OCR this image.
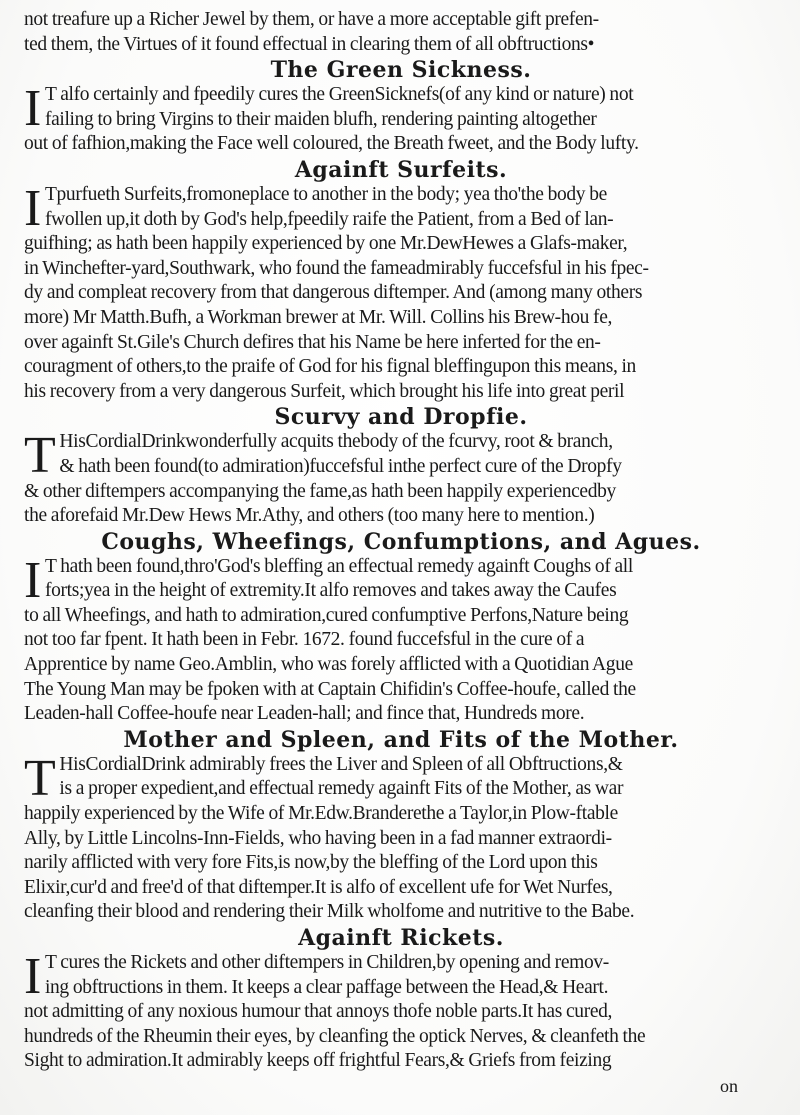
not treafure up a Richer Jewel by them, or have a more acceptable gift prefen-
ted them, the Virtues of it found effectual in clearing them of all obftructions•

The Green Sickness.

I T alfo certainly and fpeedily cures the GreenSicknefs(of any kind or nature) not
failing to bring Virgins to their maiden blufh, rendering painting altogether
out of fafhion,making the Face well coloured, the Breath fweet, and the Body lufty.

Againft Surfeits.

I Tpurfueth Surfeits,fromoneplace to another in the body; yea tho'the body be
fwollen up,it doth by God's help,fpeedily raife the Patient, from a Bed of lan-
guifhing; as hath been happily experienced by one Mr.DewHewes a Glafs-maker,
in Winchefter-yard,Southwark, who found the fameadmirably fuccefsful in his fpec-
dy and compleat recovery from that dangerous diftemper. And (among many others
more) Mr Matth.Bufh, a Workman brewer at Mr. Will. Collins his Brew-hou fe,
over againft St.Gile's Church defires that his Name be here inferted for the en-
couragment of others,to the praife of God for his fignal bleffingupon this means, in
his recovery from a very dangerous Surfeit, which brought his life into great peril

Scurvy and Dropfie.

T HisCordialDrinkwonderfully acquits thebody of the fcurvy, root & branch,
& hath been found(to admiration)fuccefsful inthe perfect cure of the Dropfy
& other diftempers accompanying the fame,as hath been happily experiencedby
the aforefaid Mr.Dew Hews Mr.Athy, and others (too many here to mention.)

Coughs, Wheefings, Confumptions, and Agues.

I T hath been found,thro'God's bleffing an effectual remedy againft Coughs of all
forts;yea in the height of extremity.It alfo removes and takes away the Caufes
to all Wheefings, and hath to admiration,cured confumptive Perfons,Nature being
not too far fpent. It hath been in Febr. 1672. found fuccefsful in the cure of a
Apprentice by name Geo.Amblin, who was forely afflicted with a Quotidian Ague
The Young Man may be fpoken with at Captain Chifidin's Coffee-houfe, called the
Leaden-hall Coffee-houfe near Leaden-hall; and fince that, Hundreds more.

Mother and Spleen, and Fits of the Mother.

T HisCordialDrink admirably frees the Liver and Spleen of all Obftructions,&
is a proper expedient,and effectual remedy againft Fits of the Mother, as war
happily experienced by the Wife of Mr.Edw.Branderethe a Taylor,in Plow-ftable
Ally, by Little Lincolns-Inn-Fields, who having been in a fad manner extraordi-
narily afflicted with very fore Fits,is now,by the bleffing of the Lord upon this
Elixir,cur'd and free'd of that diftemper.It is alfo of excellent ufe for Wet Nurfes,
cleanfing their blood and rendering their Milk wholfome and nutritive to the Babe.

Againft Rickets.

I T cures the Rickets and other diftempers in Children,by opening and remov-
ing obftructions in them. It keeps a clear paffage between the Head,& Heart.
not admitting of any noxious humour that annoys thofe noble parts.It has cured,
hundreds of the Rheumin their eyes, by cleanfing the optick Nerves, & cleanfeth the
Sight to admiration.It admirably keeps off frightful Fears,& Griefs from feizing

on
